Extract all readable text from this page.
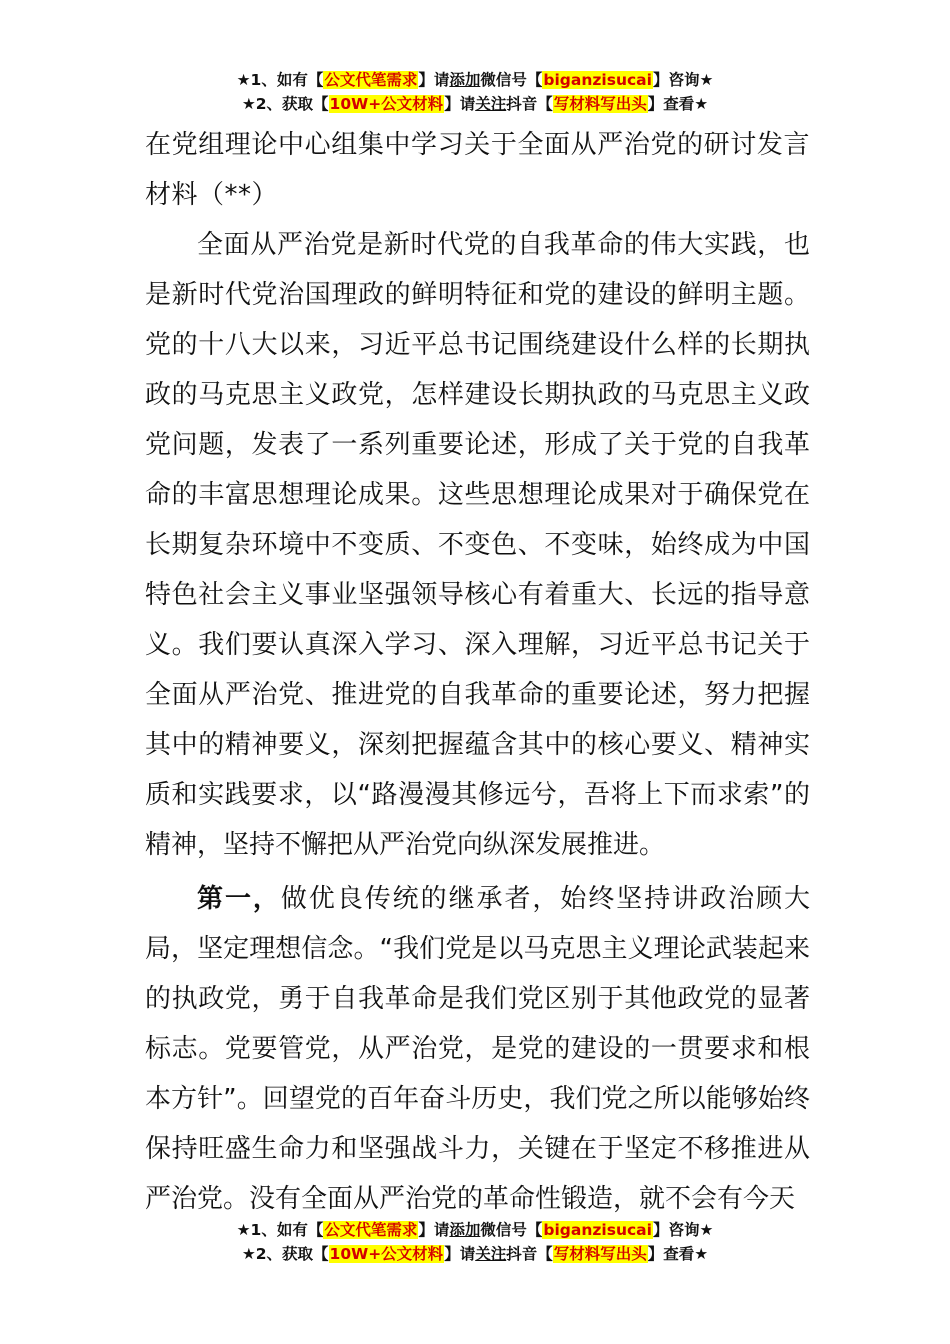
★1、如有【公文代笔需求】请添加微信号【biganzisucai】咨询★
★2、获取【10W+公文材料】请关注抖音【写材料写出头】查看★

在党组理论中心组集中学习关于全面从严治党的研讨发言材料（**）

全面从严治党是新时代党的自我革命的伟大实践，也是新时代党治国理政的鲜明特征和党的建设的鲜明主题。党的十八大以来，习近平总书记围绕建设什么样的长期执政的马克思主义政党，怎样建设长期执政的马克思主义政党问题，发表了一系列重要论述，形成了关于党的自我革命的丰富思想理论成果。这些思想理论成果对于确保党在长期复杂环境中不变质、不变色、不变味，始终成为中国特色社会主义事业坚强领导核心有着重大、长远的指导意义。我们要认真深入学习、深入理解，习近平总书记关于全面从严治党、推进党的自我革命的重要论述，努力把握其中的精神要义，深刻把握蕴含其中的核心要义、精神实质和实践要求，以“路漫漫其修远兮，吾将上下而求索”的精神，坚持不懈把从严治党向纵深发展推进。

第一，做优良传统的继承者，始终坚持讲政治顾大局，坚定理想信念。“我们党是以马克思主义理论武装起来的执政党，勇于自我革命是我们党区别于其他政党的显著标志。党要管党，从严治党，是党的建设的一贯要求和根本方针”。回望党的百年奋斗历史，我们党之所以能够始终保持旺盛生命力和坚强战斗力，关键在于坚定不移推进从严治党。没有全面从严治党的革命性锻造，就不会有今天

★1、如有【公文代笔需求】请添加微信号【biganzisucai】咨询★
★2、获取【10W+公文材料】请关注抖音【写材料写出头】查看★
